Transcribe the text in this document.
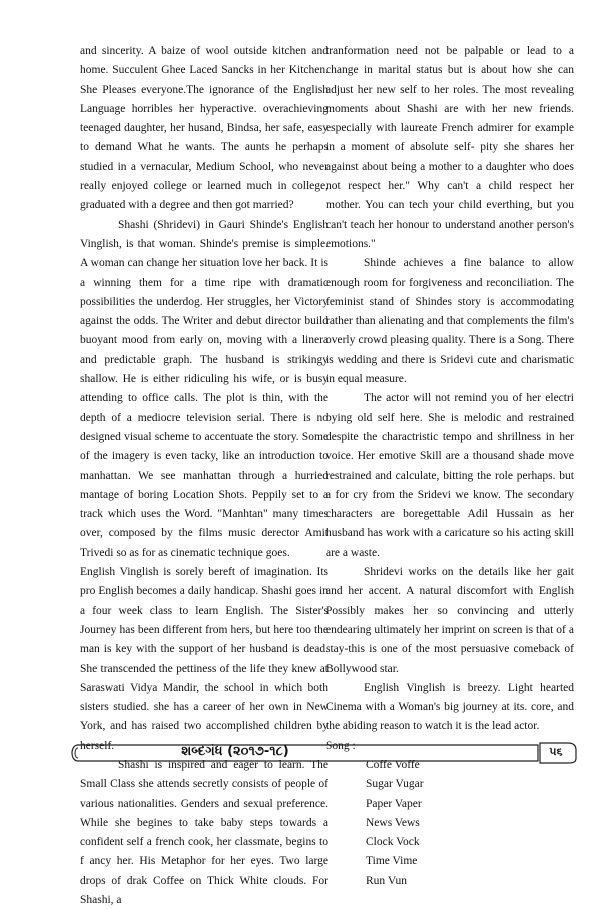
and sincerity. A baize of wool outside kitchen and home. Succulent Ghee Laced Sancks in her Kitchen. She Pleases everyone.The ignorance of the English Language horribles her hyperactive. overachieving teenaged daughter, her husand, Bindsa, her safe, easy to demand What he wants. The aunts he perhaps studied in a vernacular, Medium School, who never really enjoyed college or learned much in college, graduated with a degree and then got married?

Shashi (Shridevi) in Gauri Shinde's English Vinglish, is that woman. Shinde's premise is simple. A woman can change her situation love her back. It is a winning them for a time ripe with dramatic possibilities the underdog. Her struggles, her Victory against the odds. The Writer and debut director build buoyant mood from early on, moving with a linera and predictable graph. The husband is strikingy shallow. He is either ridiculing his wife, or is busy attending to office calls. The plot is thin, with the depth of a mediocre television serial. There is no designed visual scheme to accentuate the story. Some of the imagery is even tacky, like an introduction to manhattan. We see manhattan through a hurried mantage of boring Location Shots. Peppily set to a track which uses the Word. "Manhtan" many times over, composed by the films music derector Amit Trivedi so as for as cinematic technique goes.

English Vinglish is sorely bereft of imagination. Its pro English becomes a daily handicap. Shashi goes in a four week class to learn English. The Sister's Journey has been different from hers, but here too the man is key with the support of her husband is dead. She transcended the pettiness of the life they knew at Saraswati Vidya Mandir, the school in which both sisters studied. she has a career of her own in New York, and has raised two accomplished children by herself.

Shashi is inspired and eager to learn. The Small Class she attends secretly consists of people of various nationalities. Genders and sexual preference. While she begines to take baby steps towards a confident self a french cook, her classmate, begins to f ancy her. His Metaphor for her eyes. Two large drops of drak Coffee on Thick White clouds. For Shashi, a

tranformation need not be palpable or lead to a change in marital status but is about how she can adjust her new self to her roles. The most revealing moments about Shashi are with her new friends. especially with laureate French admirer for example in a moment of absolute self- pity she shares her against about being a mother to a daughter who does not respect her." Why can't a child respect her mother. You can tech your child everthing, but you can't teach her honour to understand another person's emotions."

Shinde achieves a fine balance to allow enough room for forgiveness and reconciliation. The feminist stand of Shindes story is accommodating rather than alienating and that complements the film's overly crowd pleasing quality. There is a Song. There is wedding and there is Sridevi cute and charismatic in equal measure.

The actor will not remind you of her electri bying old self here. She is melodic and restrained despite the charactristic tempo and shrillness in her voice. Her emotive Skill are a thousand shade move restrained and calculate, bitting the role perhaps. but a for cry from the Sridevi we know. The secondary characters are boregettable Adil Hussain as her husband has work with a caricature so his acting skill are a waste.

Shridevi works on the details like her gait and her accent. A natural discomfort with English Possibly makes her so convincing and utterly endearing ultimately her imprint on screen is that of a stay-this is one of the most persuasive comeback of Bollywood star.

English Vinglish is breezy. Light hearted Cinema with a Woman's big journey at its. core, and the abiding reason to watch it is the lead actor.

Song :

Coffe Voffe
Sugar Vugar
Paper Vaper
News Vews
Clock Vock
Time Vime
Run Vun
શબ્દગંધ (૨૦૧૭-૧૮)	૫૬
